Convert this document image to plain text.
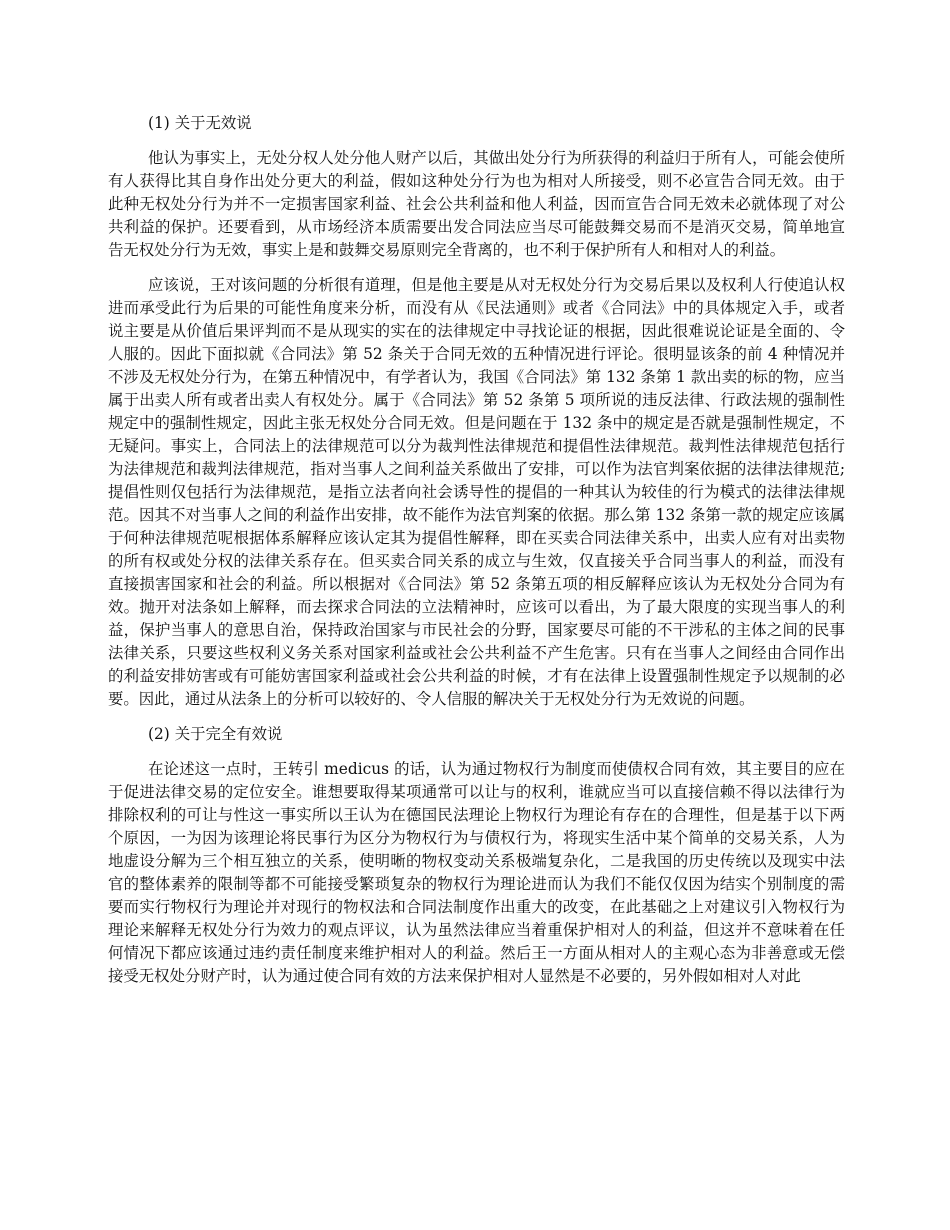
(1) 关于无效说

他认为事实上，无处分权人处分他人财产以后，其做出处分行为所获得的利益归于所有人，可能会使所有人获得比其自身作出处分更大的利益，假如这种处分行为也为相对人所接受，则不必宣告合同无效。由于此种无权处分行为并不一定损害国家利益、社会公共利益和他人利益，因而宣告合同无效未必就体现了对公共利益的保护。还要看到，从市场经济本质需要出发合同法应当尽可能鼓舞交易而不是消灭交易，简单地宣告无权处分行为无效，事实上是和鼓舞交易原则完全背离的，也不利于保护所有人和相对人的利益。

应该说，王对该问题的分析很有道理，但是他主要是从对无权处分行为交易后果以及权利人行使追认权进而承受此行为后果的可能性角度来分析，而没有从《民法通则》或者《合同法》中的具体规定入手，或者说主要是从价值后果评判而不是从现实的实在的法律规定中寻找论证的根据，因此很难说论证是全面的、令人服的。因此下面拟就《合同法》第 52 条关于合同无效的五种情况进行评论。很明显该条的前 4 种情况并不涉及无权处分行为，在第五种情况中，有学者认为，我国《合同法》第 132 条第 1 款出卖的标的物，应当属于出卖人所有或者出卖人有权处分。属于《合同法》第 52 条第 5 项所说的违反法律、行政法规的强制性规定中的强制性规定，因此主张无权处分合同无效。但是问题在于 132 条中的规定是否就是强制性规定，不无疑问。事实上，合同法上的法律规范可以分为裁判性法律规范和提倡性法律规范。裁判性法律规范包括行为法律规范和裁判法律规范，指对当事人之间利益关系做出了安排，可以作为法官判案依据的法律法律规范;提倡性则仅包括行为法律规范，是指立法者向社会诱导性的提倡的一种其认为较佳的行为模式的法律法律规范。因其不对当事人之间的利益作出安排，故不能作为法官判案的依据。那么第 132 条第一款的规定应该属于何种法律规范呢根据体系解释应该认定其为提倡性解释，即在买卖合同法律关系中，出卖人应有对出卖物的所有权或处分权的法律关系存在。但买卖合同关系的成立与生效，仅直接关乎合同当事人的利益，而没有直接损害国家和社会的利益。所以根据对《合同法》第 52 条第五项的相反解释应该认为无权处分合同为有效。抛开对法条如上解释，而去探求合同法的立法精神时，应该可以看出，为了最大限度的实现当事人的利益，保护当事人的意思自治，保持政治国家与市民社会的分野，国家要尽可能的不干涉私的主体之间的民事法律关系，只要这些权利义务关系对国家利益或社会公共利益不产生危害。只有在当事人之间经由合同作出的利益安排妨害或有可能妨害国家利益或社会公共利益的时候，才有在法律上设置强制性规定予以规制的必要。因此，通过从法条上的分析可以较好的、令人信服的解决关于无权处分行为无效说的问题。

(2) 关于完全有效说

在论述这一点时，王转引 medicus 的话，认为通过物权行为制度而使债权合同有效，其主要目的应在于促进法律交易的定位安全。谁想要取得某项通常可以让与的权利，谁就应当可以直接信赖不得以法律行为排除权利的可让与性这一事实所以王认为在德国民法理论上物权行为理论有存在的合理性，但是基于以下两个原因，一为因为该理论将民事行为区分为物权行为与债权行为，将现实生活中某个简单的交易关系，人为地虚设分解为三个相互独立的关系，使明晰的物权变动关系极端复杂化，二是我国的历史传统以及现实中法官的整体素养的限制等都不可能接受繁琐复杂的物权行为理论进而认为我们不能仅仅因为结实个别制度的需要而实行物权行为理论并对现行的物权法和合同法制度作出重大的改变，在此基础之上对建议引入物权行为理论来解释无权处分行为效力的观点评议，认为虽然法律应当着重保护相对人的利益，但这并不意味着在任何情况下都应该通过违约责任制度来维护相对人的利益。然后王一方面从相对人的主观心态为非善意或无偿接受无权处分财产时，认为通过使合同有效的方法来保护相对人显然是不必要的，另外假如相对人对此
